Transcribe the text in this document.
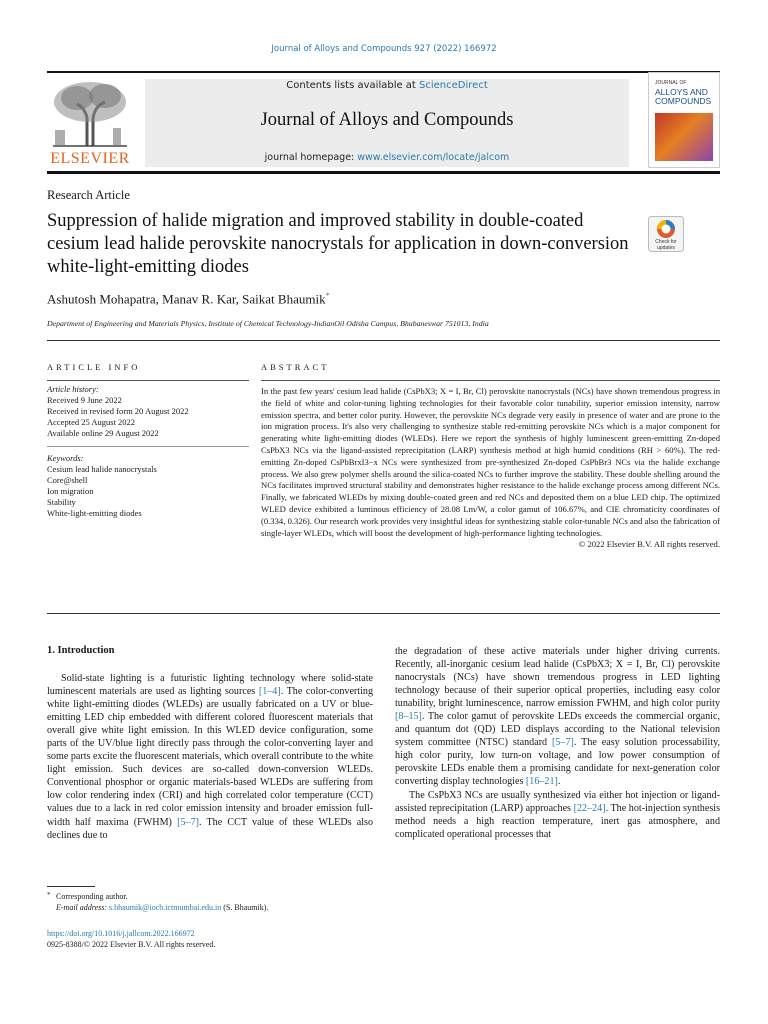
Journal of Alloys and Compounds 927 (2022) 166972
ELSEVIER
Contents lists available at ScienceDirect
Journal of Alloys and Compounds
journal homepage: www.elsevier.com/locate/jalcom
JOURNAL OF
ALLOYS AND
COMPOUNDS
Research Article
Suppression of halide migration and improved stability in double-coated cesium lead halide perovskite nanocrystals for application in down-conversion white-light-emitting diodes
Check for
updates
Ashutosh Mohapatra, Manav R. Kar, Saikat Bhaumik*
Department of Engineering and Materials Physics, Institute of Chemical Technology-IndianOil Odisha Campus, Bhubaneswar 751013, India
ARTICLE INFO	ABSTRACT
Article history:
Received 9 June 2022
Received in revised form 20 August 2022
Accepted 25 August 2022
Available online 29 August 2022
Keywords:
Cesium lead halide nanocrystals
Core@shell
Ion migration
Stability
White-light-emitting diodes
In the past few years' cesium lead halide (CsPbX3; X = I, Br, Cl) perovskite nanocrystals (NCs) have shown tremendous progress in the field of white and color-tuning lighting technologies for their favorable color tunability, superior emission intensity, narrow emission spectra, and better color purity. However, the perovskite NCs degrade very easily in presence of water and are prone to the ion migration process. It's also very challenging to synthesize stable red-emitting perovskite NCs which is a major component for generating white light-emitting diodes (WLEDs). Here we report the synthesis of highly luminescent green-emitting Zn-doped CsPbX3 NCs via the ligand-assisted reprecipitation (LARP) synthesis method at high humid conditions (RH > 60%). The red-emitting Zn-doped CsPbBrxI3−x NCs were synthesized from pre-synthesized Zn-doped CsPbBr3 NCs via the halide exchange process. We also grew polymer shells around the silica-coated NCs to further improve the stability. These double shelling around the NCs facilitates improved structural stability and demonstrates higher resistance to the halide exchange process among different NCs. Finally, we fabricated WLEDs by mixing double-coated green and red NCs and deposited them on a blue LED chip. The optimized WLED device exhibited a luminous efficiency of 28.08 Lm/W, a color gamut of 106.67%, and CIE chromaticity coordinates of (0.334, 0.326). Our research work provides very insightful ideas for synthesizing stable color-tunable NCs and also the fabrication of single-layer WLEDs, which will boost the development of high-performance lighting technologies.
© 2022 Elsevier B.V. All rights reserved.
1. Introduction

Solid-state lighting is a futuristic lighting technology where solid-state luminescent materials are used as lighting sources [1–4]. The color-converting white light-emitting diodes (WLEDs) are usually fabricated on a UV or blue-emitting LED chip embedded with different colored fluorescent materials that overall give white light emission. In this WLED device configuration, some parts of the UV/blue light directly pass through the color-converting layer and some parts excite the fluorescent materials, which overall contribute to the white light emission. Such devices are so-called down-conversion WLEDs. Conventional phosphor or organic materials-based WLEDs are suffering from low color rendering index (CRI) and high correlated color temperature (CCT) values due to a lack in red color emission intensity and broader emission full-width half maxima (FWHM) [5–7]. The CCT value of these WLEDs also declines due to

the degradation of these active materials under higher driving currents. Recently, all-inorganic cesium lead halide (CsPbX3; X = I, Br, Cl) perovskite nanocrystals (NCs) have shown tremendous progress in LED lighting technology because of their superior optical properties, including easy color tunability, bright luminescence, narrow emission FWHM, and high color purity [8–15]. The color gamut of perovskite LEDs exceeds the commercial organic, and quantum dot (QD) LED displays according to the National television system committee (NTSC) standard [5–7]. The easy solution processability, high color purity, low turn-on voltage, and low power consumption of perovskite LEDs enable them a promising candidate for next-generation color converting display technologies [16–21].

The CsPbX3 NCs are usually synthesized via either hot injection or ligand-assisted reprecipitation (LARP) approaches [22–24]. The hot-injection synthesis method needs a high reaction temperature, inert gas atmosphere, and complicated operational processes that

* Corresponding author.
E-mail address: s.bhaumik@iocb.ictmumbai.edu.in (S. Bhaumik).
https://doi.org/10.1016/j.jallcom.2022.166972
0925-8388/© 2022 Elsevier B.V. All rights reserved.
